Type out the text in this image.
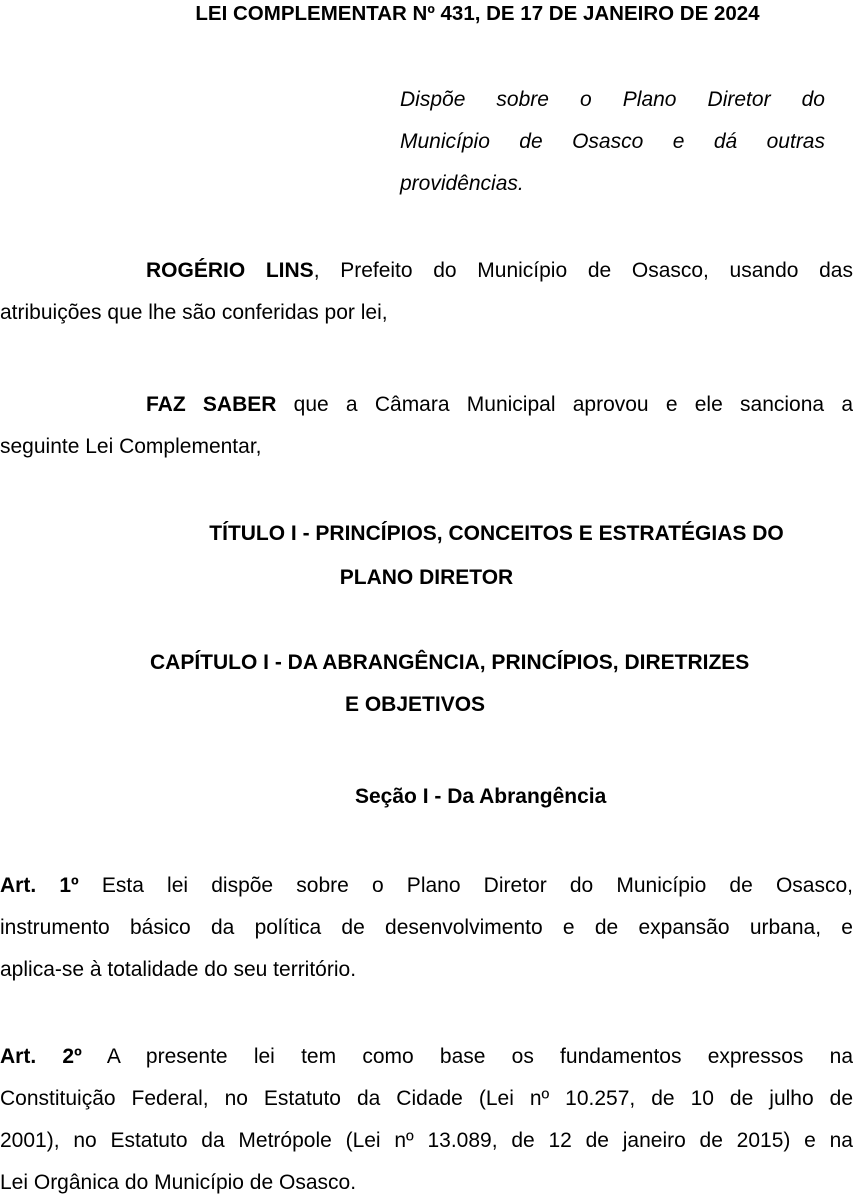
LEI COMPLEMENTAR Nº 431, DE 17 DE JANEIRO DE 2024
Dispõe sobre o Plano Diretor do
Município de Osasco e dá outras
providências.
ROGÉRIO LINS, Prefeito do Município de Osasco, usando das
atribuições que lhe são conferidas por lei,
FAZ SABER que a Câmara Municipal aprovou e ele sanciona a
seguinte Lei Complementar,
TÍTULO I - PRINCÍPIOS, CONCEITOS E ESTRATÉGIAS DO
PLANO DIRETOR
CAPÍTULO I - DA ABRANGÊNCIA, PRINCÍPIOS, DIRETRIZES
E OBJETIVOS
Seção I - Da Abrangência
Art. 1º Esta lei dispõe sobre o Plano Diretor do Município de Osasco,
instrumento básico da política de desenvolvimento e de expansão urbana, e
aplica-se à totalidade do seu território.
Art. 2º A presente lei tem como base os fundamentos expressos na
Constituição Federal, no Estatuto da Cidade (Lei nº 10.257, de 10 de julho de
2001), no Estatuto da Metrópole (Lei nº 13.089, de 12 de janeiro de 2015) e na
Lei Orgânica do Município de Osasco.
